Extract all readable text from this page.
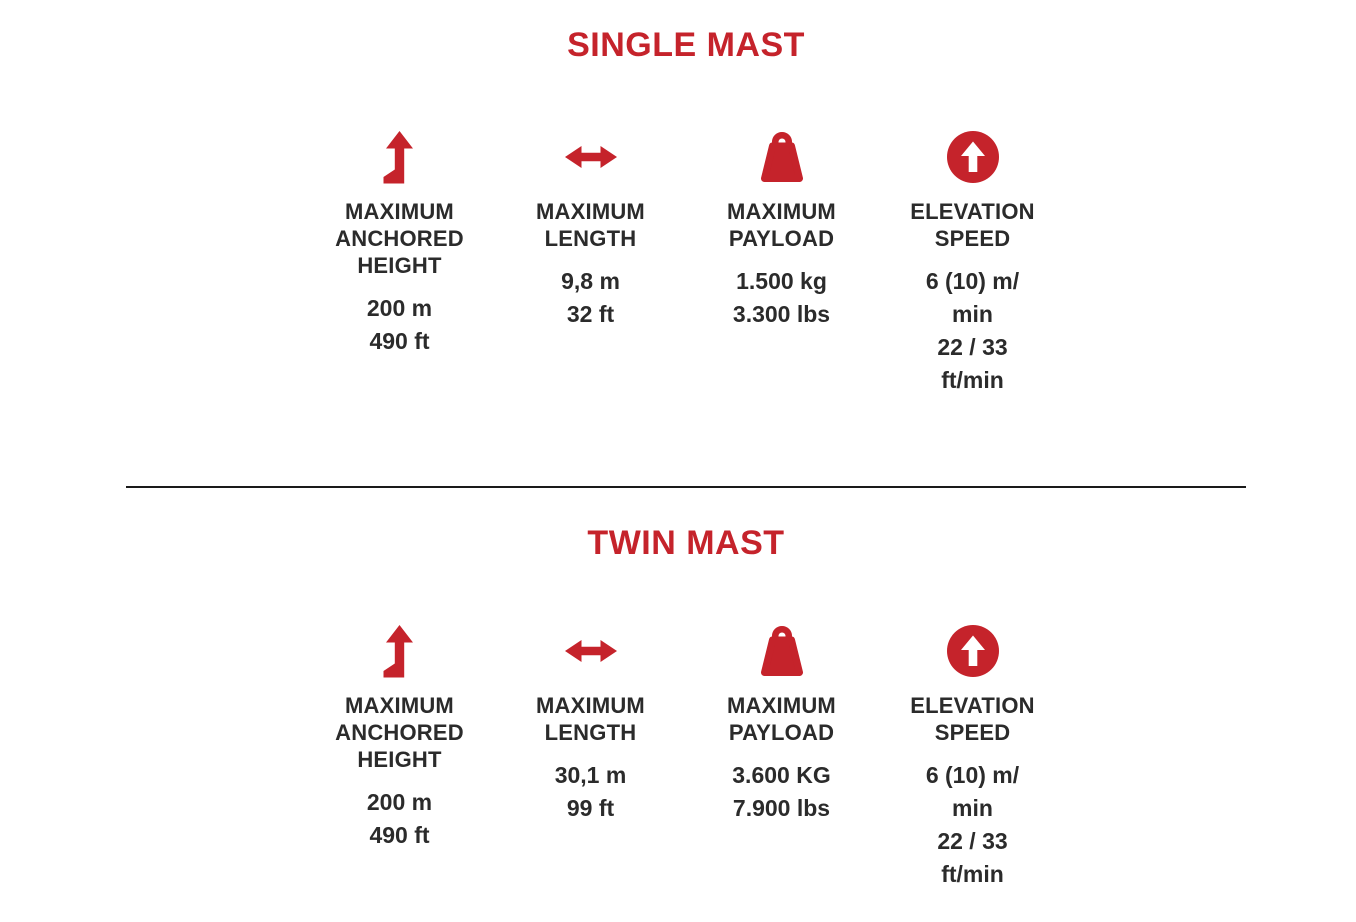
SINGLE MAST
MAXIMUM
ANCHORED
HEIGHT
200 m
490 ft
MAXIMUM
LENGTH
9,8 m
32 ft
MAXIMUM
PAYLOAD
1.500 kg
3.300 lbs
ELEVATION
SPEED
6 (10) m/
min
22 / 33
ft/min
TWIN MAST
MAXIMUM
ANCHORED
HEIGHT
200 m
490 ft
MAXIMUM
LENGTH
30,1 m
99 ft
MAXIMUM
PAYLOAD
3.600 KG
7.900 lbs
ELEVATION
SPEED
6 (10) m/
min
22 / 33
ft/min
